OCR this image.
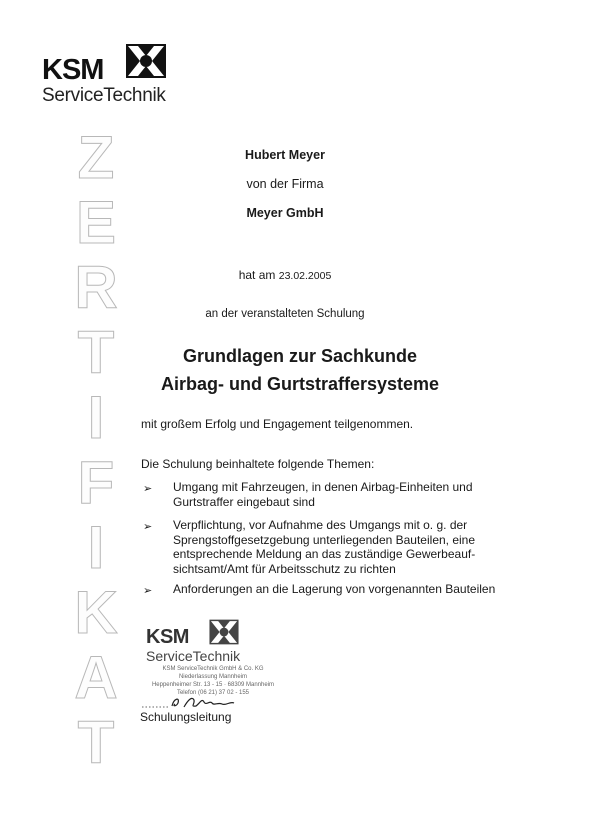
KSM
ServiceTechnik
Z
E
R
T
I
F
I
K
A
T
Hubert Meyer
von der Firma
Meyer GmbH
hat am 23.02.2005
an der veranstalteten Schulung
Grundlagen zur Sachkunde
Airbag- und Gurtstraffersysteme
mit großem Erfolg und Engagement teilgenommen.
Die Schulung beinhaltete folgende Themen:
➢ Umgang mit Fahrzeugen, in denen Airbag-Einheiten und
Gurtstraffer eingebaut sind
➢ Verpflichtung, vor Aufnahme des Umgangs mit o. g. der
Sprengstoffgesetzgebung unterliegenden Bauteilen, eine
entsprechende Meldung an das zuständige Gewerbeauf-
sichtsamt/Amt für Arbeitsschutz zu richten
➢ Anforderungen an die Lagerung von vorgenannten Bauteilen
KSM
ServiceTechnik
KSM ServiceTechnik GmbH & Co. KG
Niederlassung Mannheim
Heppenheimer Str. 13 - 15 · 68309 Mannheim
Telefon (06 21) 37 02 - 155
Schulungsleitung
